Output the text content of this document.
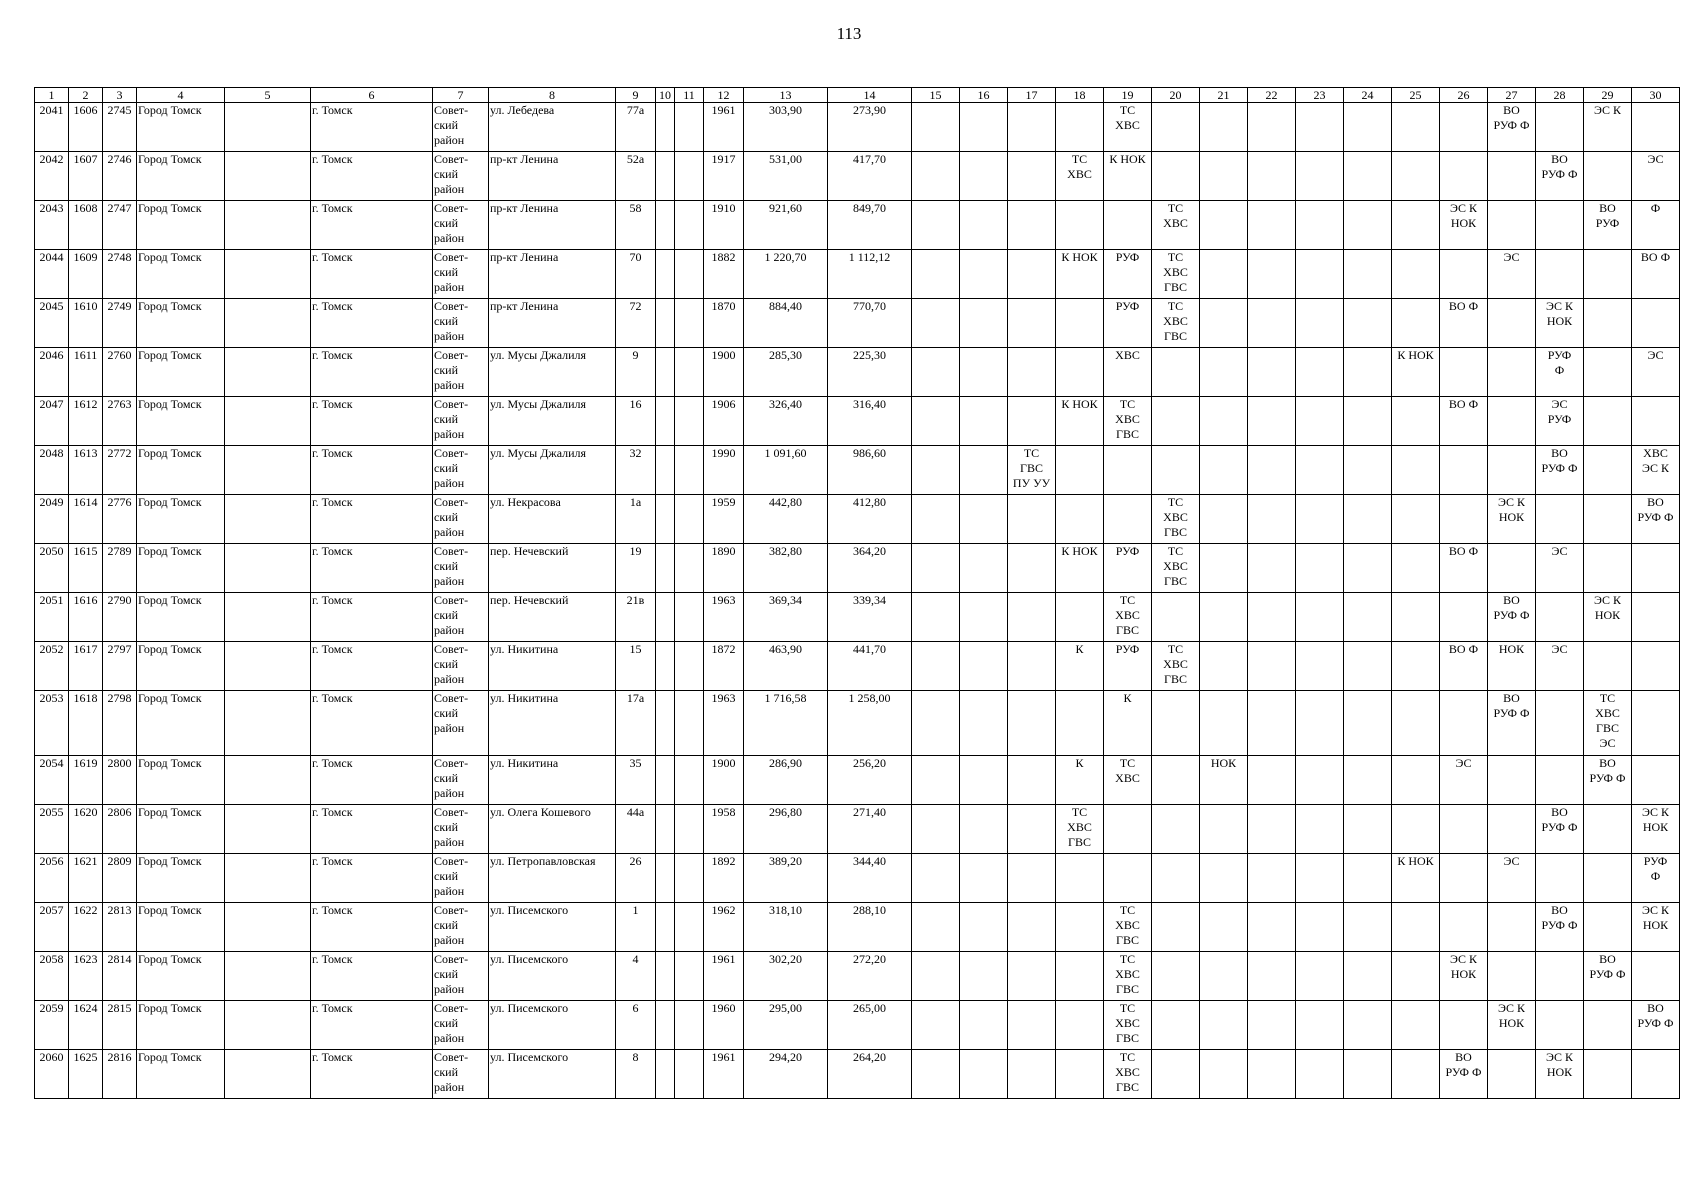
113
1	2	3	4	5	6	7	8	9	10	11	12	13	14	15	16	17	18	19	20	21	22	23	24	25	26	27	28	29	30
2041	1606	2745	Город Томск		г. Томск	Совет-
ский
район	ул. Лебедева	77а			1961	303,90	273,90					ТС
ХВС								ВО
РУФ Ф		ЭС К	
2042	1607	2746	Город Томск		г. Томск	Совет-
ский
район	пр-кт Ленина	52а			1917	531,00	417,70				ТС
ХВС	К НОК									ВО
РУФ Ф		ЭС
2043	1608	2747	Город Томск		г. Томск	Совет-
ский
район	пр-кт Ленина	58			1910	921,60	849,70						ТС
ХВС						ЭС К
НОК			ВО
РУФ	Ф
2044	1609	2748	Город Томск		г. Томск	Совет-
ский
район	пр-кт Ленина	70			1882	1 220,70	1 112,12				К НОК	РУФ	ТС
ХВС
ГВС							ЭС			ВО Ф
2045	1610	2749	Город Томск		г. Томск	Совет-
ский
район	пр-кт Ленина	72			1870	884,40	770,70					РУФ	ТС
ХВС
ГВС						ВО Ф		ЭС К
НОК		
2046	1611	2760	Город Томск		г. Томск	Совет-
ский
район	ул. Мусы Джалиля	9			1900	285,30	225,30					ХВС						К НОК			РУФ
Ф		ЭС
2047	1612	2763	Город Томск		г. Томск	Совет-
ский
район	ул. Мусы Джалиля	16			1906	326,40	316,40				К НОК	ТС
ХВС
ГВС							ВО Ф		ЭС
РУФ		
2048	1613	2772	Город Томск		г. Томск	Совет-
ский
район	ул. Мусы Джалиля	32			1990	1 091,60	986,60			ТС
ГВС
ПУ УУ											ВО
РУФ Ф		ХВС
ЭС К
2049	1614	2776	Город Томск		г. Томск	Совет-
ский
район	ул. Некрасова	1а			1959	442,80	412,80						ТС
ХВС
ГВС							ЭС К
НОК			ВО
РУФ Ф
2050	1615	2789	Город Томск		г. Томск	Совет-
ский
район	пер. Нечевский	19			1890	382,80	364,20				К НОК	РУФ	ТС
ХВС
ГВС						ВО Ф		ЭС		
2051	1616	2790	Город Томск		г. Томск	Совет-
ский
район	пер. Нечевский	21в			1963	369,34	339,34					ТС
ХВС
ГВС								ВО
РУФ Ф		ЭС К
НОК	
2052	1617	2797	Город Томск		г. Томск	Совет-
ский
район	ул. Никитина	15			1872	463,90	441,70				К	РУФ	ТС
ХВС
ГВС						ВО Ф	НОК	ЭС		
2053	1618	2798	Город Томск		г. Томск	Совет-
ский
район	ул. Никитина	17а			1963	1 716,58	1 258,00					К								ВО
РУФ Ф		ТС
ХВС
ГВС
ЭС	
2054	1619	2800	Город Томск		г. Томск	Совет-
ский
район	ул. Никитина	35			1900	286,90	256,20				К	ТС
ХВС		НОК					ЭС			ВО
РУФ Ф	
2055	1620	2806	Город Томск		г. Томск	Совет-
ский
район	ул. Олега Кошевого	44а			1958	296,80	271,40				ТС
ХВС
ГВС										ВО
РУФ Ф		ЭС К
НОК
2056	1621	2809	Город Томск		г. Томск	Совет-
ский
район	ул. Петропавловская	26			1892	389,20	344,40											К НОК		ЭС			РУФ
Ф
2057	1622	2813	Город Томск		г. Томск	Совет-
ский
район	ул. Писемского	1			1962	318,10	288,10					ТС
ХВС
ГВС									ВО
РУФ Ф		ЭС К
НОК
2058	1623	2814	Город Томск		г. Томск	Совет-
ский
район	ул. Писемского	4			1961	302,20	272,20					ТС
ХВС
ГВС							ЭС К
НОК			ВО
РУФ Ф	
2059	1624	2815	Город Томск		г. Томск	Совет-
ский
район	ул. Писемского	6			1960	295,00	265,00					ТС
ХВС
ГВС								ЭС К
НОК			ВО
РУФ Ф
2060	1625	2816	Город Томск		г. Томск	Совет-
ский
район	ул. Писемского	8			1961	294,20	264,20					ТС
ХВС
ГВС							ВО
РУФ Ф		ЭС К
НОК		
